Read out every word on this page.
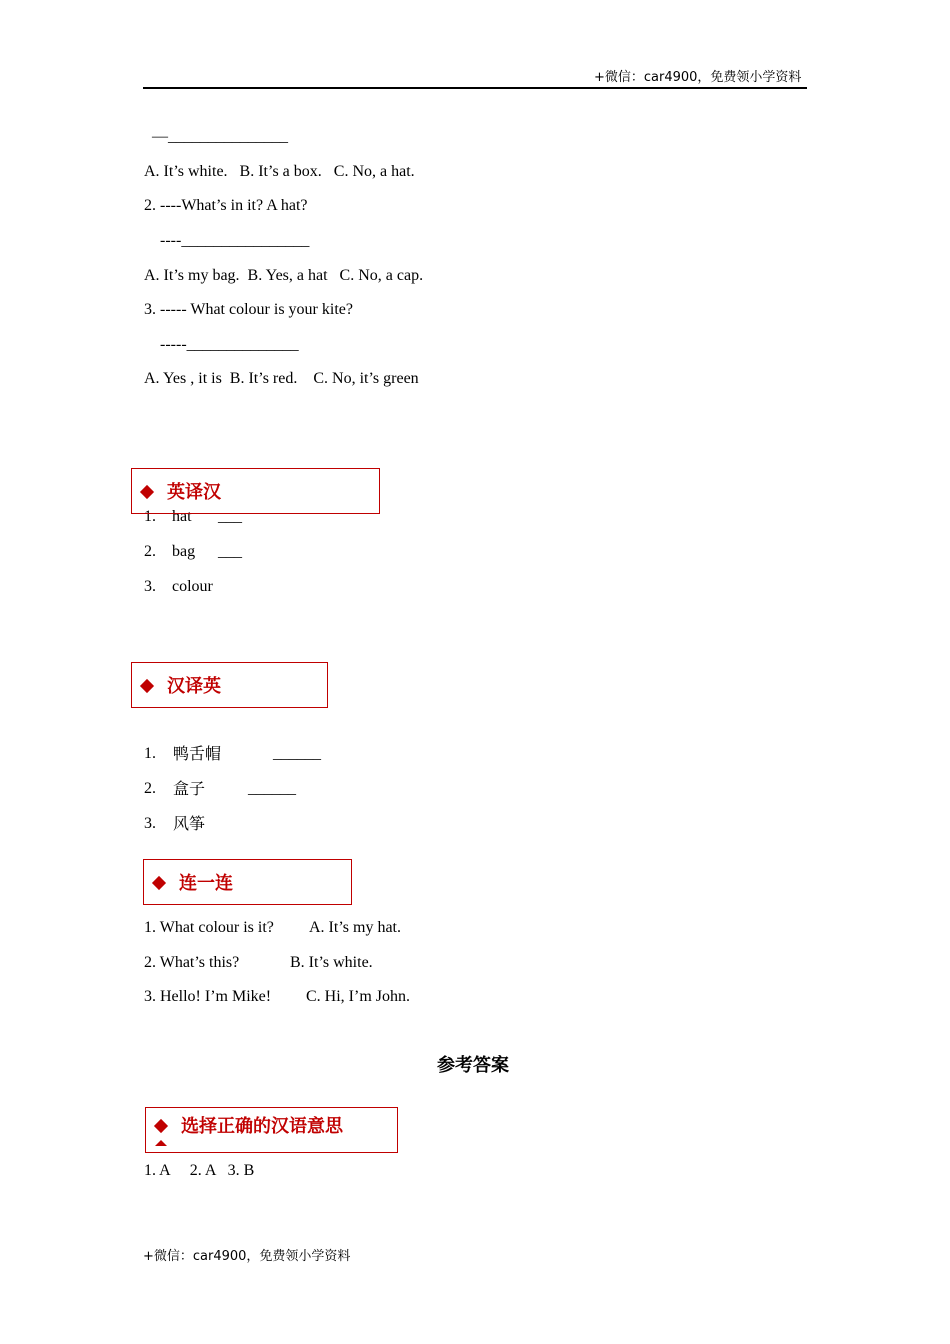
+微信：car4900，免费领小学资料
—_______________
A. It’s white.   B. It’s a box.   C. No, a hat.
2. ----What’s in it? A hat?
----________________
A. It’s my bag.  B. Yes, a hat   C. No, a cap.
3. ----- What colour is your kite?
-----______________
A. Yes , it is  B. It’s red.    C. No, it’s green
1. hat ___
英译汉
2. bag ___
3. colour
汉译英
1. 鸭舌帽	______
2. 盒子	______
3. 风筝
连一连
1. What colour is it? A. It’s my hat.
2. What’s this?	B. It’s white.
3. Hello! I’m Mike! C. Hi, I’m John.
参考答案
选择正确的汉语意思
1. A     2. A   3. B
+微信：car4900，免费领小学资料
